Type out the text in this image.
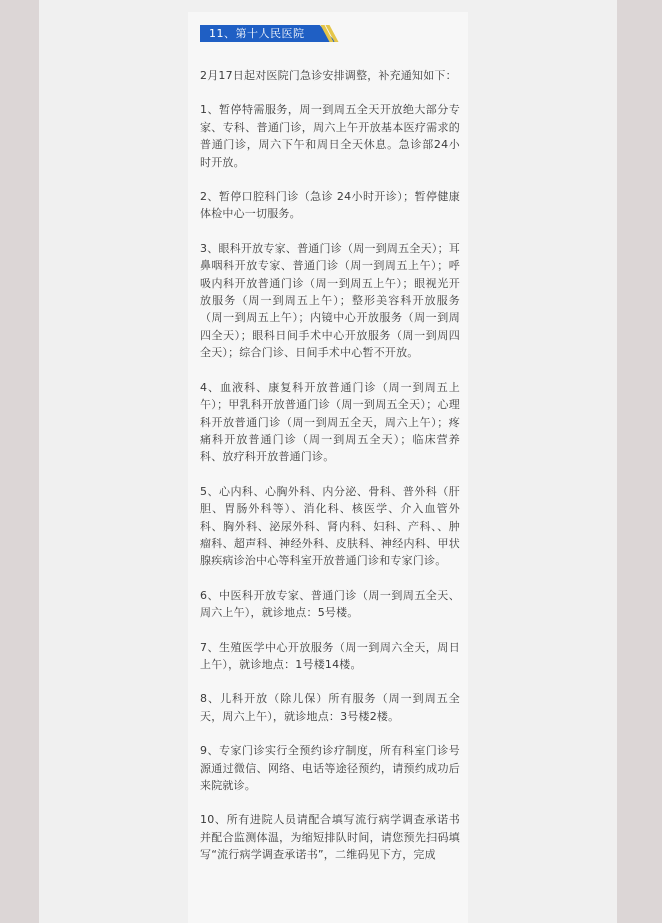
11、第十人民医院

2月17日起对医院门急诊安排调整，补充通知如下：

1、暂停特需服务，周一到周五全天开放绝大部分专家、专科、普通门诊，周六上午开放基本医疗需求的普通门诊，周六下午和周日全天休息。急诊部24小时开放。

2、暂停口腔科门诊（急诊 24小时开诊）；暂停健康体检中心一切服务。

3、眼科开放专家、普通门诊（周一到周五全天）；耳鼻咽科开放专家、普通门诊（周一到周五上午）；呼吸内科开放普通门诊（周一到周五上午）；眼视光开放服务（周一到周五上午）；整形美容科开放服务（周一到周五上午）；内镜中心开放服务（周一到周四全天）；眼科日间手术中心开放服务（周一到周四全天）；综合门诊、日间手术中心暂不开放。

4、血液科、康复科开放普通门诊（周一到周五上午）；甲乳科开放普通门诊（周一到周五全天）；心理科开放普通门诊（周一到周五全天，周六上午）；疼痛科开放普通门诊（周一到周五全天）；临床营养科、放疗科开放普通门诊。

5、心内科、心胸外科、内分泌、骨科、普外科（肝胆、胃肠外科等）、消化科、核医学、介入血管外科、胸外科、泌尿外科、肾内科、妇科、产科、、肿瘤科、超声科、神经外科、皮肤科、神经内科、甲状腺疾病诊治中心等科室开放普通门诊和专家门诊。

6、中医科开放专家、普通门诊（周一到周五全天、周六上午），就诊地点：5号楼。

7、生殖医学中心开放服务（周一到周六全天，周日上午），就诊地点：1号楼14楼。

8、儿科开放（除儿保）所有服务（周一到周五全天，周六上午），就诊地点：3号楼2楼。

9、专家门诊实行全预约诊疗制度，所有科室门诊号源通过微信、网络、电话等途径预约，请预约成功后来院就诊。

10、所有进院人员请配合填写流行病学调查承诺书并配合监测体温，为缩短排队时间，请您预先扫码填写“流行病学调查承诺书”，二维码见下方，完成
